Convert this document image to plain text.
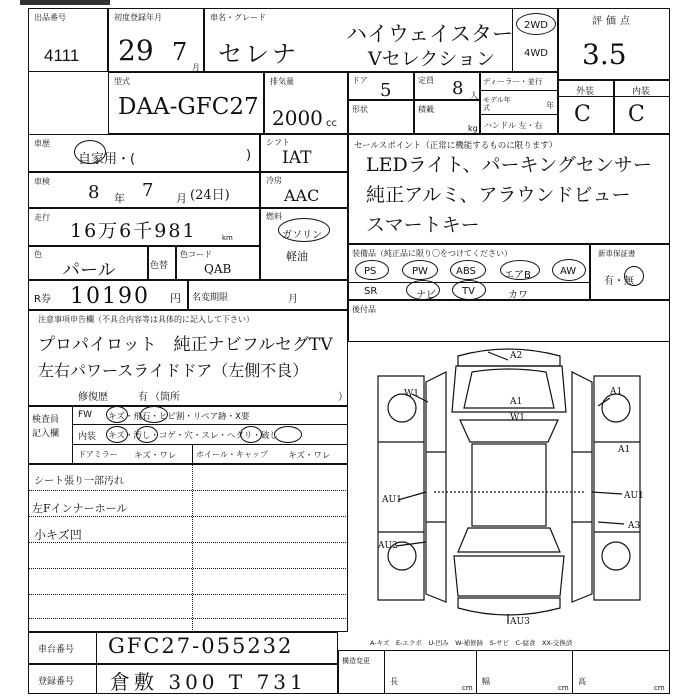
出品番号
4111
初度登録年月
29 7
月
車名・グレード
セレナ
ハイウェイスター
Vセレクション
2WD
4WD
評価点
3.5
型式
DAA-GFC27
排気量
2000 cc
ドア 5	定員 8 人
形状	積載
kg
ディーラー・並行
モデル年式	年
ハンドル 左・右
外装
C
内装
C
車歴
自家用・(	)
シフト
IAT
車検
8 年 7 月 (24日)
冷房
AAC
走行
16万6千981	km
燃料
ガソリン
軽油
色
パール	色替
色コード
QAB
R券 10190 円 名変期限	月
セールスポイント（正常に機能するものに限ります）
LEDライト、パーキングセンサー
純正アルミ、アラウンドビュー
スマートキー
装備品（純正品に限り〇をつけてください）
PS	PW	ABS	エアB	AW
SR	ナビ	TV	カワ
新車保証書
有・無
後付品
注意事項申告欄（不具合内容等は具体的に記入して下さい）
プロパイロット　純正ナビフルセグTV
左右パワースライドドア（左側不良）
修復歴	有 （箇所	）
検査員
記入欄
FW キズ・飛石・ヒビ割・リペア跡・X要
内装 キズ・汚し・コゲ・穴・スレ・ヘタリ・破し
ドアミラー キズ・ワレ ホイール・キャップ キズ・ワレ
シート張り一部汚れ
左Fインナーホール
小キズ凹
A2
A1
W1
W1	A1
A1
AU1	AU1
A3
AU2
AU3
A-キズ　E-エクボ　U-凹み　W-補修跡　S-サビ　C-腐食　XX-交換済
車台番号 GFC27-055232
登録番号 倉敷 300 T 731
構造変更
長
cm
幅
cm
高
cm
